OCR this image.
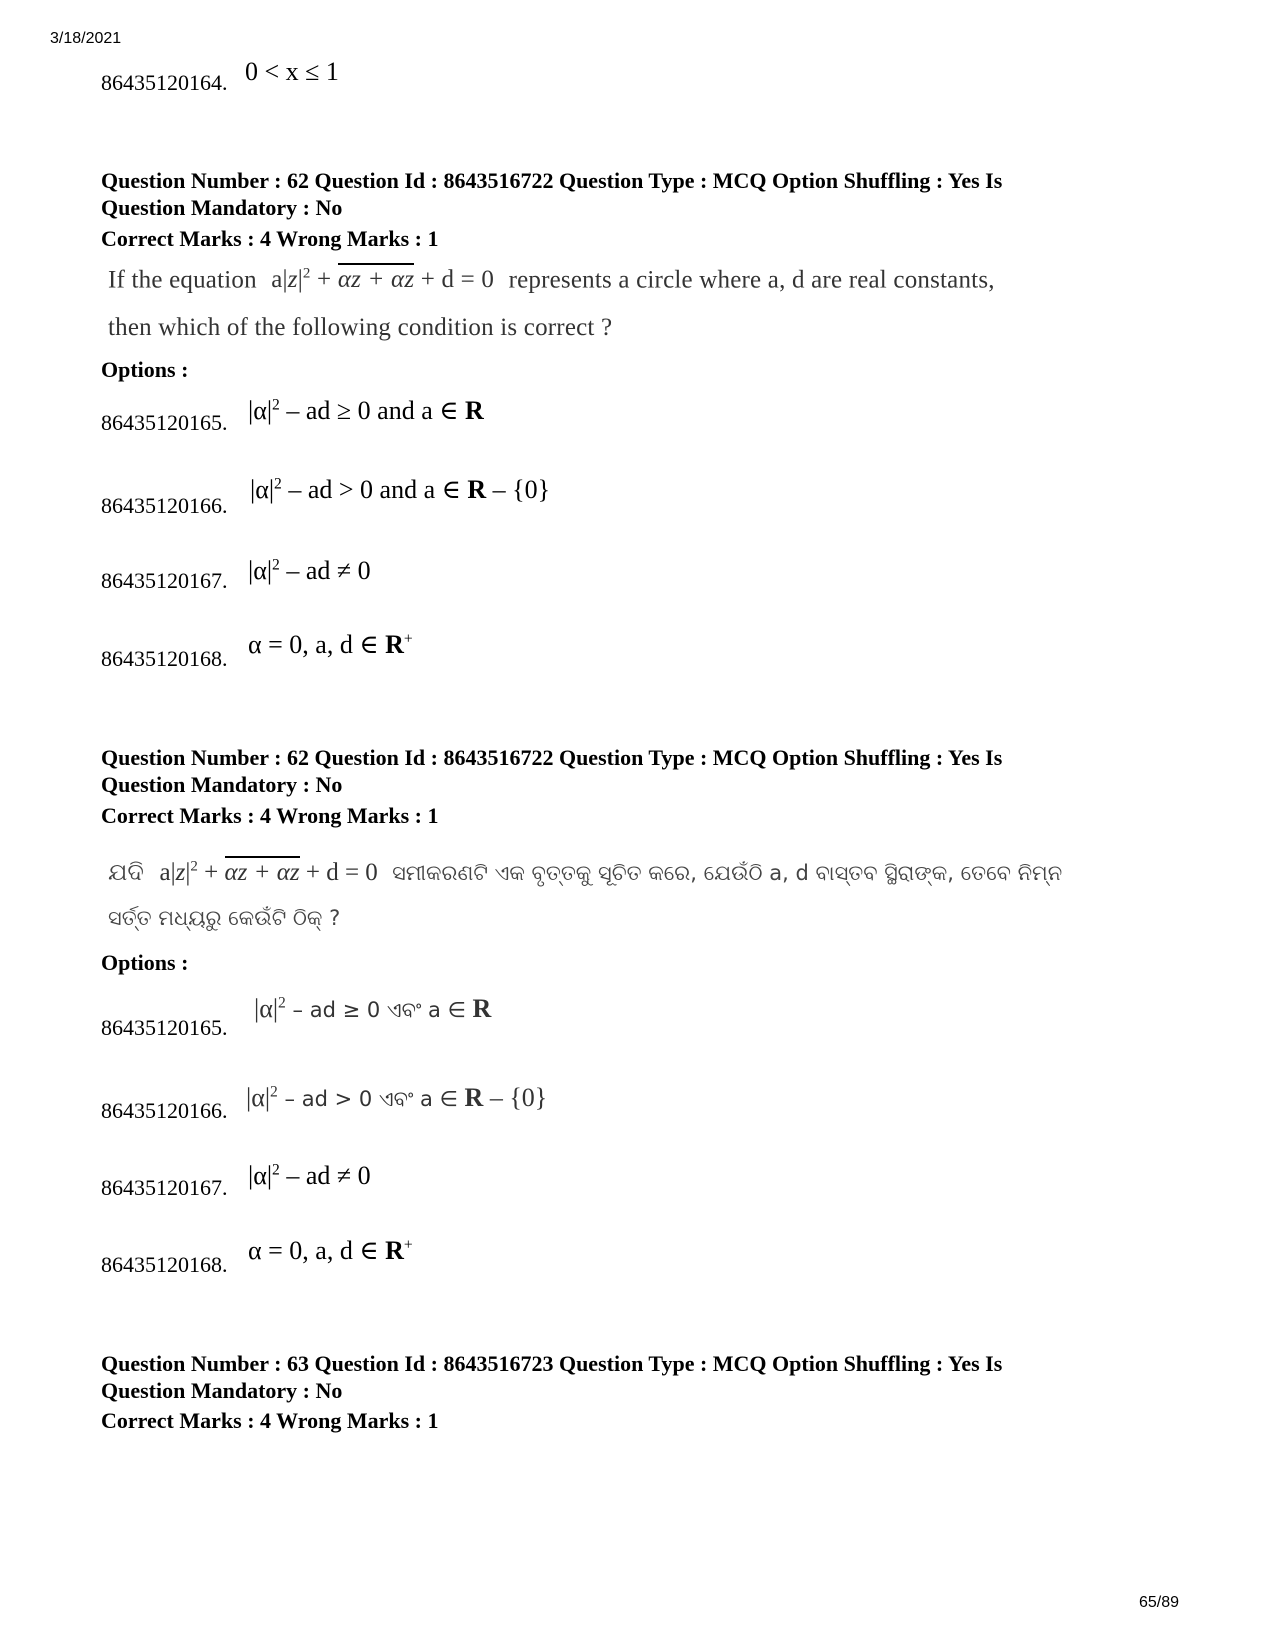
3/18/2021
86435120164. 0 < x ≤ 1
Question Number : 62 Question Id : 8643516722 Question Type : MCQ Option Shuffling : Yes Is
Question Mandatory : No
Correct Marks : 4 Wrong Marks : 1
If the equation $a|z|^2 + \alpha z + \alpha z + d = 0$ represents a circle where a, d are real constants,
then which of the following condition is correct ?
Options :
86435120165. $|\alpha|^2$ – ad ≥ 0 and a ∈ R
86435120166.
$|\alpha|^2$ – ad > 0 and a ∈ R – {0}
86435120167. $|\alpha|^2$ – ad ≠ 0
86435120168. α = 0, a, d ∈ R+
Question Number : 62 Question Id : 8643516722 Question Type : MCQ Option Shuffling : Yes Is
Question Mandatory : No
Correct Marks : 4 Wrong Marks : 1
ଯଦି $a|z|^2 + \alpha z + \alpha z + d = 0$ ସମୀକରଣଟି ଏକ ବୃତ୍ତକୁ ସୂଚିତ କରେ, ଯେଉଁଠି a, d ବାସ୍ତବ ସ୍ଥିରାଙ୍କ, ତେବେ ନିମ୍ନ
ସର୍ତ୍ତ ମଧ୍ୟରୁ କେଉଁଟି ଠିକ୍ ?
Options :
86435120165.
$|\alpha|^2$ – ad ≥ 0 ଏବଂ a ∈ R
86435120166. $|\alpha|^2$ – ad > 0 ଏବଂ a ∈ R – {0}
86435120167. $|\alpha|^2$ – ad ≠ 0
86435120168. α = 0, a, d ∈ R+
Question Number : 63 Question Id : 8643516723 Question Type : MCQ Option Shuffling : Yes Is
Question Mandatory : No
Correct Marks : 4 Wrong Marks : 1
65/89
